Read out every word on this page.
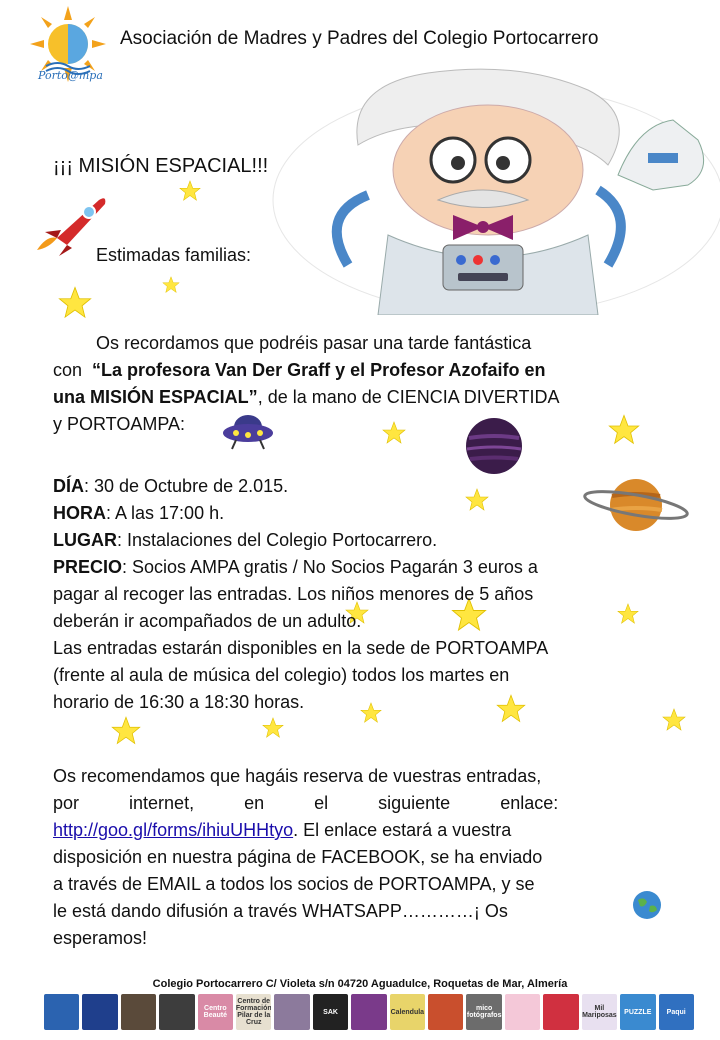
Porto@mpa
Asociación de Madres y Padres del Colegio Portocarrero
¡¡¡ MISIÓN ESPACIAL!!!
Estimadas familias:
Os recordamos que podréis pasar una tarde fantástica
con  “La profesora Van Der Graff y el Profesor Azofaifo en
una MISIÓN ESPACIAL”, de la mano de CIENCIA DIVERTIDA
y PORTOAMPA:
DÍA: 30 de Octubre de 2.015.
HORA: A las 17:00 h.
LUGAR: Instalaciones del Colegio Portocarrero.
PRECIO: Socios AMPA gratis / No Socios Pagarán 3 euros a
pagar al recoger las entradas. Los niños menores de 5 años
deberán ir acompañados de un adulto.
Las entradas estarán disponibles en la sede de PORTOAMPA
(frente al aula de música del colegio) todos los martes en
horario de 16:30 a 18:30 horas.
Os recomendamos que hagáis reserva de vuestras entradas,
por          internet,          en          el          siguiente          enlace:
http://goo.gl/forms/ihiuUHHtyo. El enlace estará a vuestra
disposición en nuestra página de FACEBOOK, se ha enviado
a través de EMAIL a todos los socios de PORTOAMPA, y se
le está dando difusión a través WHATSAPP…………¡ Os
esperamos!
Colegio Portocarrero C/ Violeta s/n 04720 Aguadulce, Roquetas de Mar, Almería
Centro Beauté
Centro de Formación Pilar de la Cruz
SAK	Calendula	mico fotógrafos
Mil Mariposas	PUZZLE	Paqui
